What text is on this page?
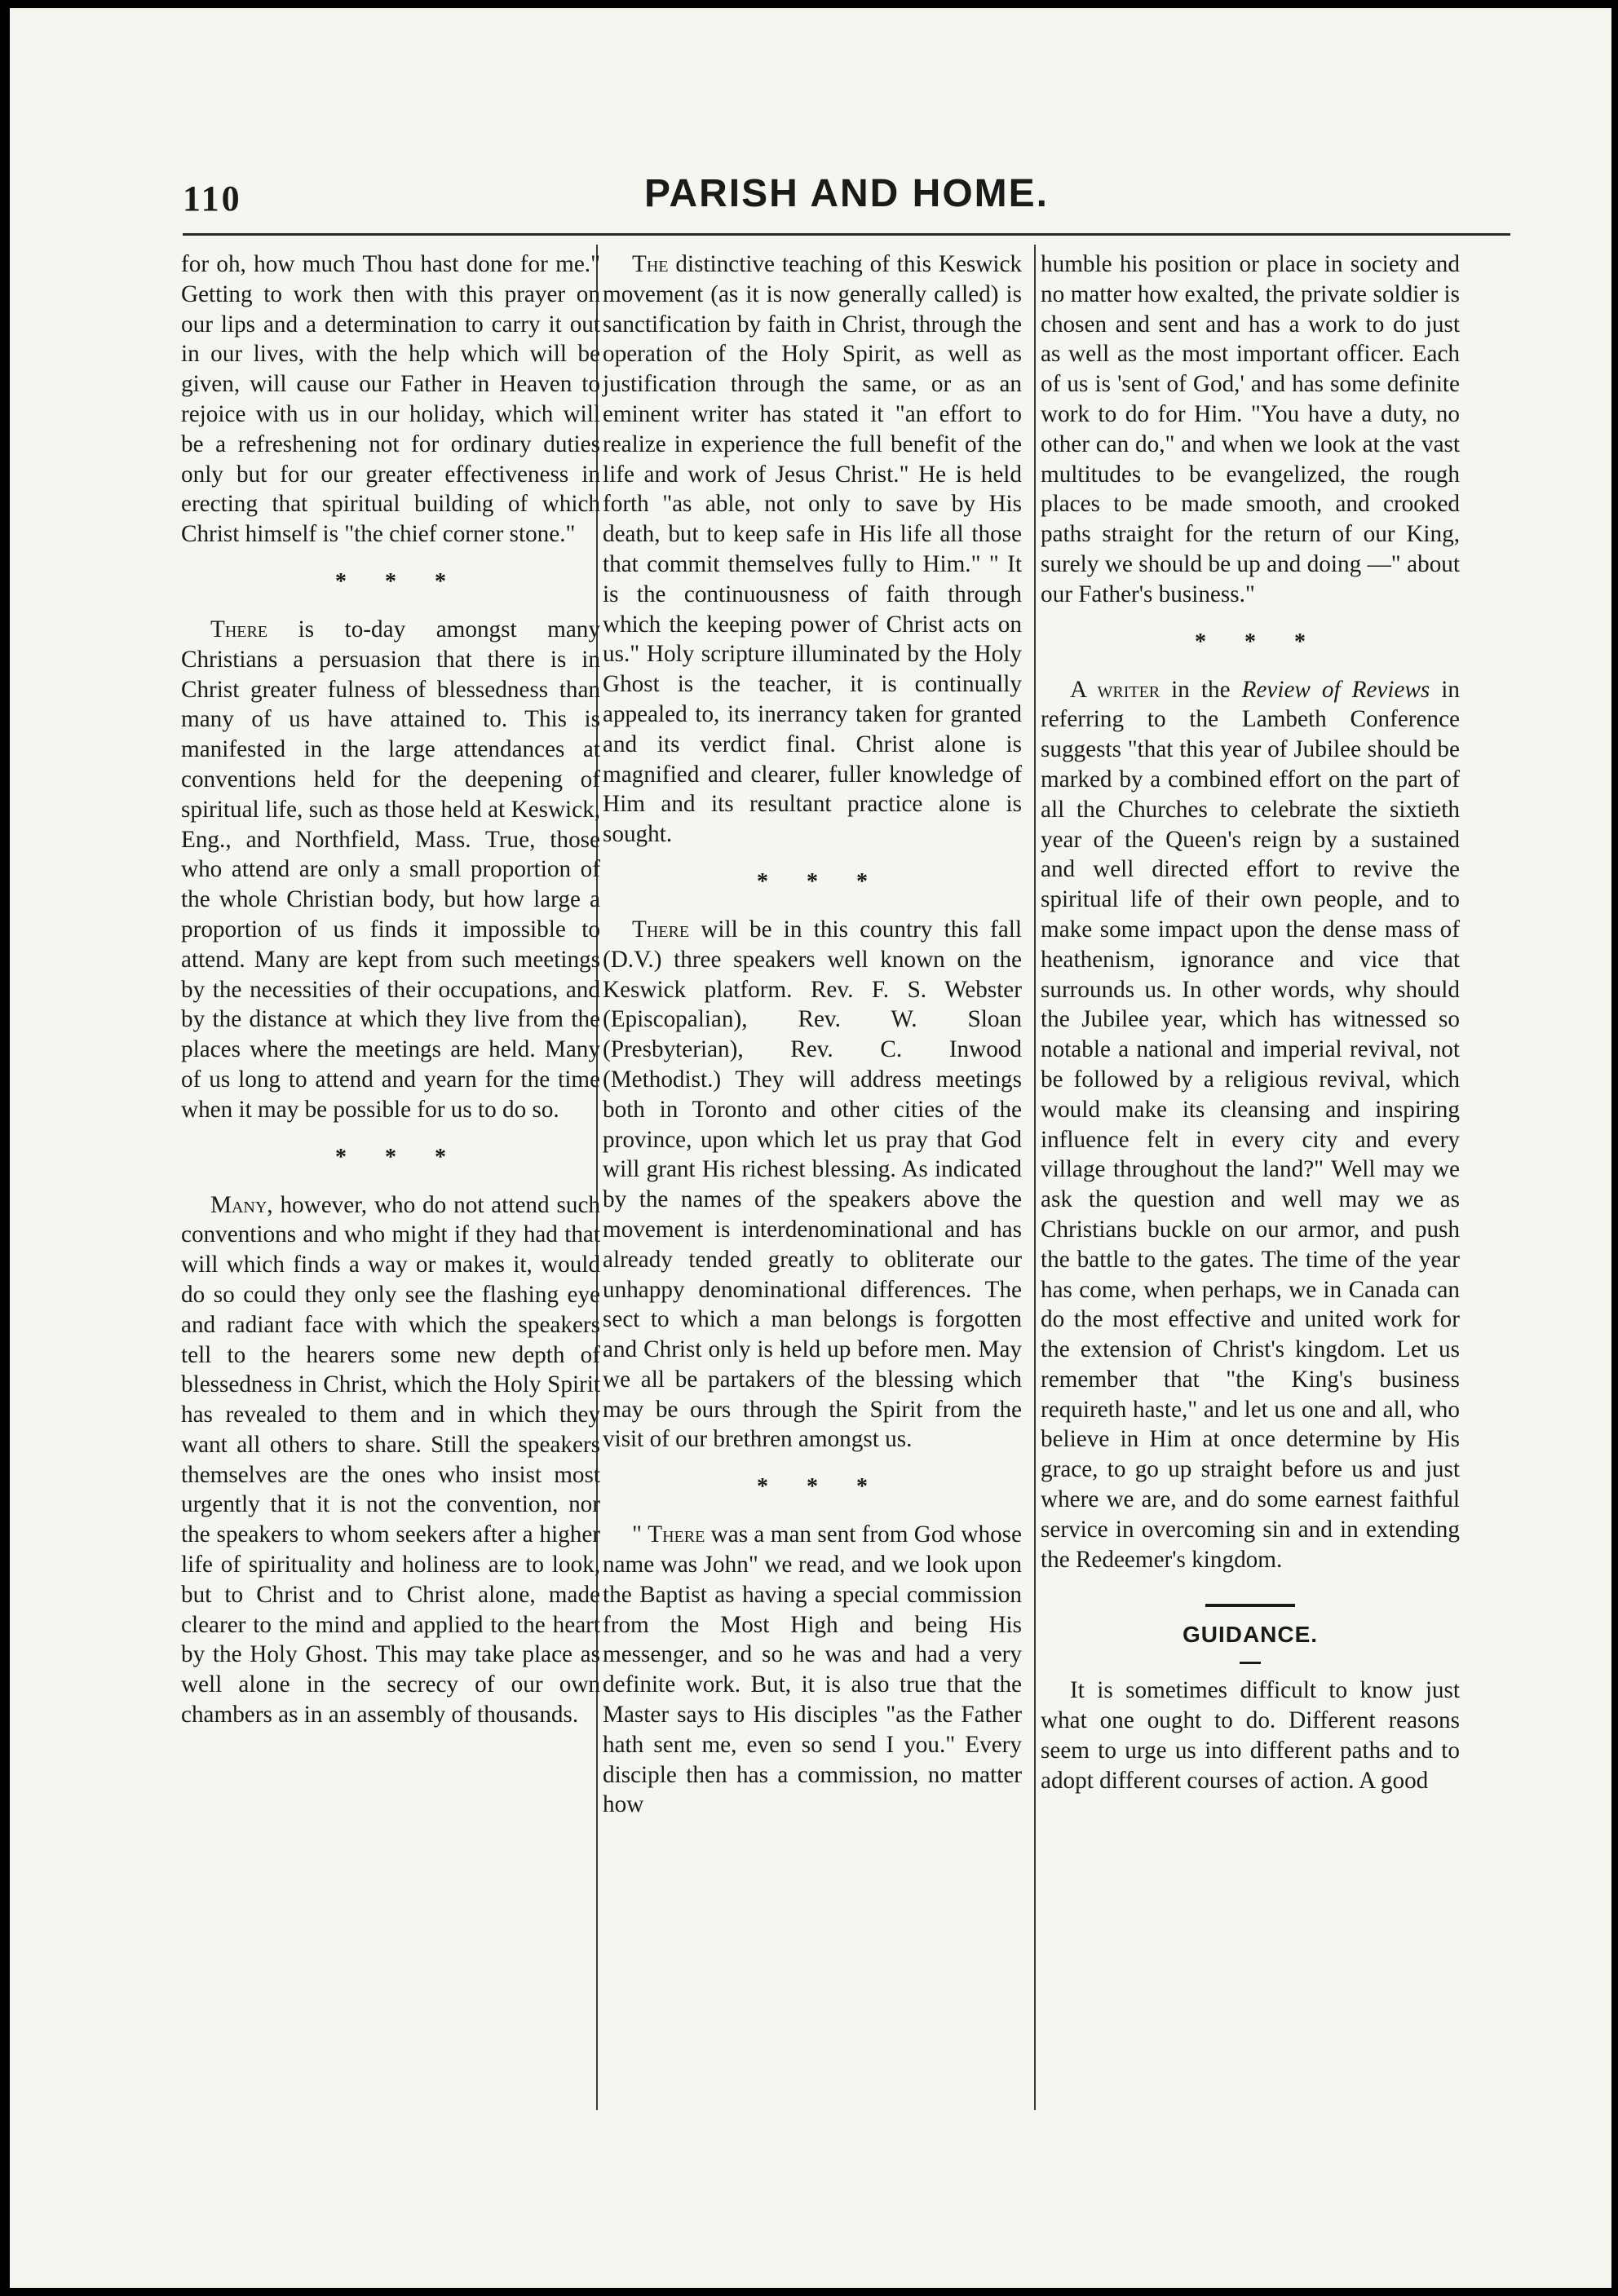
110	PARISH AND HOME.

for oh, how much Thou hast done for me." Getting to work then with this prayer on our lips and a determination to carry it out in our lives, with the help which will be given, will cause our Father in Heaven to rejoice with us in our holiday, which will be a refreshening not for ordinary duties only but for our greater effectiveness in erecting that spiritual building of which Christ himself is "the chief corner stone."

* * *

There is to-day amongst many Christians a persuasion that there is in Christ greater fulness of blessedness than many of us have attained to. This is manifested in the large attendances at conventions held for the deepening of spiritual life, such as those held at Keswick, Eng., and Northfield, Mass. True, those who attend are only a small proportion of the whole Christian body, but how large a proportion of us finds it impossible to attend. Many are kept from such meetings by the necessities of their occupations, and by the distance at which they live from the places where the meetings are held. Many of us long to attend and yearn for the time when it may be possible for us to do so.

* * *

Many, however, who do not attend such conventions and who might if they had that will which finds a way or makes it, would do so could they only see the flashing eye and radiant face with which the speakers tell to the hearers some new depth of blessedness in Christ, which the Holy Spirit has revealed to them and in which they want all others to share. Still the speakers themselves are the ones who insist most urgently that it is not the convention, nor the speakers to whom seekers after a higher life of spirituality and holiness are to look, but to Christ and to Christ alone, made clearer to the mind and applied to the heart by the Holy Ghost. This may take place as well alone in the secrecy of our own chambers as in an assembly of thousands.

The distinctive teaching of this Keswick movement (as it is now generally called) is sanctification by faith in Christ, through the operation of the Holy Spirit, as well as justification through the same, or as an eminent writer has stated it "an effort to realize in experience the full benefit of the life and work of Jesus Christ." He is held forth "as able, not only to save by His death, but to keep safe in His life all those that commit themselves fully to Him." " It is the continuousness of faith through which the keeping power of Christ acts on us." Holy scripture illuminated by the Holy Ghost is the teacher, it is continually appealed to, its inerrancy taken for granted and its verdict final. Christ alone is magnified and clearer, fuller knowledge of Him and its resultant practice alone is sought.

* * *

There will be in this country this fall (D.V.) three speakers well known on the Keswick platform. Rev. F. S. Webster (Episcopalian), Rev. W. Sloan (Presbyterian), Rev. C. Inwood (Methodist.) They will address meetings both in Toronto and other cities of the province, upon which let us pray that God will grant His richest blessing. As indicated by the names of the speakers above the movement is interdenominational and has already tended greatly to obliterate our unhappy denominational differences. The sect to which a man belongs is forgotten and Christ only is held up before men. May we all be partakers of the blessing which may be ours through the Spirit from the visit of our brethren amongst us.

* * *

" There was a man sent from God whose name was John" we read, and we look upon the Baptist as having a special commission from the Most High and being His messenger, and so he was and had a very definite work. But, it is also true that the Master says to His disciples "as the Father hath sent me, even so send I you." Every disciple then has a commission, no matter how

humble his position or place in society and no matter how exalted, the private soldier is chosen and sent and has a work to do just as well as the most important officer. Each of us is 'sent of God,' and has some definite work to do for Him. "You have a duty, no other can do," and when we look at the vast multitudes to be evangelized, the rough places to be made smooth, and crooked paths straight for the return of our King, surely we should be up and doing —" about our Father's business."

* * *

A writer in the Review of Reviews in referring to the Lambeth Conference suggests "that this year of Jubilee should be marked by a combined effort on the part of all the Churches to celebrate the sixtieth year of the Queen's reign by a sustained and well directed effort to revive the spiritual life of their own people, and to make some impact upon the dense mass of heathenism, ignorance and vice that surrounds us. In other words, why should the Jubilee year, which has witnessed so notable a national and imperial revival, not be followed by a religious revival, which would make its cleansing and inspiring influence felt in every city and every village throughout the land?" Well may we ask the question and well may we as Christians buckle on our armor, and push the battle to the gates. The time of the year has come, when perhaps, we in Canada can do the most effective and united work for the extension of Christ's kingdom. Let us remember that "the King's business requireth haste," and let us one and all, who believe in Him at once determine by His grace, to go up straight before us and just where we are, and do some earnest faithful service in overcoming sin and in extending the Redeemer's kingdom.

GUIDANCE.

It is sometimes difficult to know just what one ought to do. Different reasons seem to urge us into different paths and to adopt different courses of action. A good
